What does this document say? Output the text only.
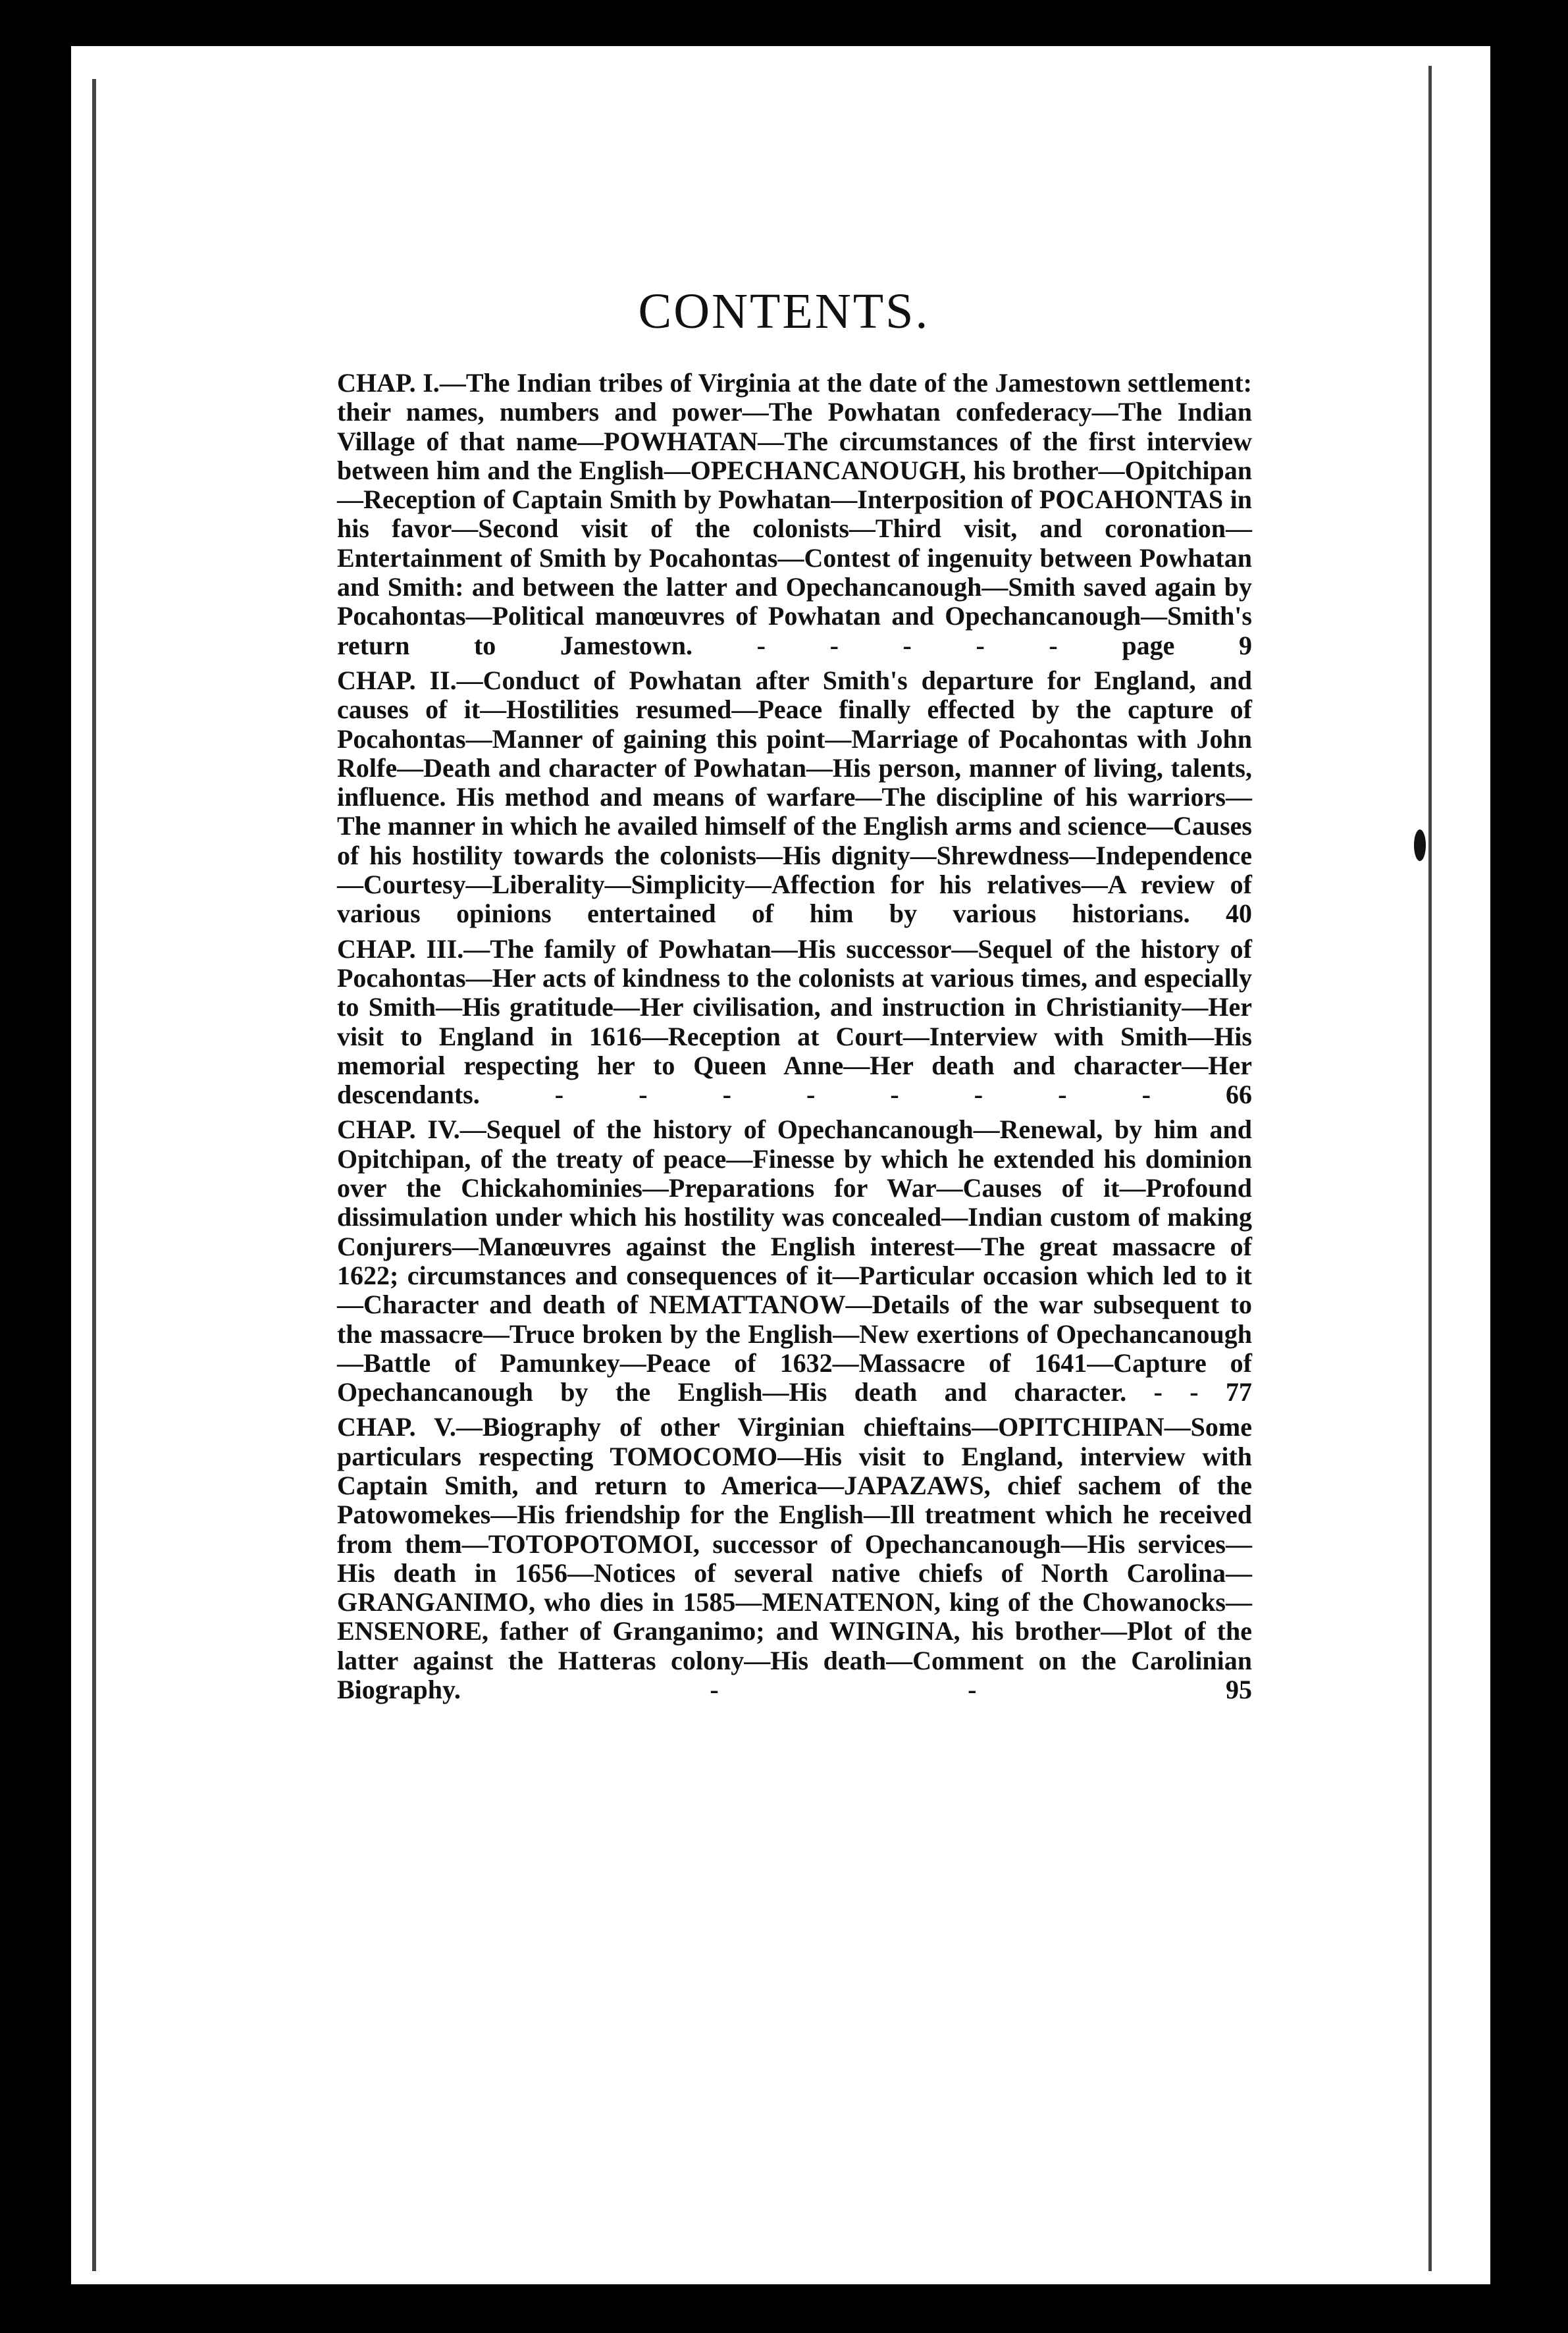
CONTENTS.
CHAP. I.—The Indian tribes of Virginia at the date of the Jamestown settlement: their names, numbers and power—The Powhatan confederacy—The Indian Village of that name—POWHATAN—The circumstances of the first interview between him and the English—OPECHANCANOUGH, his brother—Opitchipan—Reception of Captain Smith by Powhatan—Interposition of POCAHONTAS in his favor—Second visit of the colonists—Third visit, and coronation—Entertainment of Smith by Pocahontas—Contest of ingenuity between Powhatan and Smith: and between the latter and Opechancanough—Smith saved again by Pocahontas—Political manœuvres of Powhatan and Opechancanough—Smith's return to Jamestown. - - - - - page 9
CHAP. II.—Conduct of Powhatan after Smith's departure for England, and causes of it—Hostilities resumed—Peace finally effected by the capture of Pocahontas—Manner of gaining this point—Marriage of Pocahontas with John Rolfe—Death and character of Powhatan—His person, manner of living, talents, influence. His method and means of warfare—The discipline of his warriors—The manner in which he availed himself of the English arms and science—Causes of his hostility towards the colonists—His dignity—Shrewdness—Independence—Courtesy—Liberality—Simplicity—Affection for his relatives—A review of various opinions entertained of him by various historians. 40
CHAP. III.—The family of Powhatan—His successor—Sequel of the history of Pocahontas—Her acts of kindness to the colonists at various times, and especially to Smith—His gratitude—Her civilisation, and instruction in Christianity—Her visit to England in 1616—Reception at Court—Interview with Smith—His memorial respecting her to Queen Anne—Her death and character—Her descendants.	- - - - - - - -	66
CHAP. IV.—Sequel of the history of Opechancanough—Renewal, by him and Opitchipan, of the treaty of peace—Finesse by which he extended his dominion over the Chickahominies—Preparations for War—Causes of it—Profound dissimulation under which his hostility was concealed—Indian custom of making Conjurers—Manœuvres against the English interest—The great massacre of 1622; circumstances and consequences of it—Particular occasion which led to it—Character and death of NEMATTANOW—Details of the war subsequent to the massacre—Truce broken by the English—New exertions of Opechancanough—Battle of Pamunkey—Peace of 1632—Massacre of 1641—Capture of Opechancanough by the English—His death and character. - - 77
CHAP. V.—Biography of other Virginian chieftains—OPITCHIPAN—Some particulars respecting TOMOCOMO—His visit to England, interview with Captain Smith, and return to America—JAPAZAWS, chief sachem of the Patowomekes—His friendship for the English—Ill treatment which he received from them—TOTOPOTOMOI, successor of Opechancanough—His services—His death in 1656—Notices of several native chiefs of North Carolina—GRANGANIMO, who dies in 1585—MENATENON, king of the Chowanocks—ENSENORE, father of Granganimo; and WINGINA, his brother—Plot of the latter against the Hatteras colony—His death—Comment on the Carolinian Biography.	- -	95
